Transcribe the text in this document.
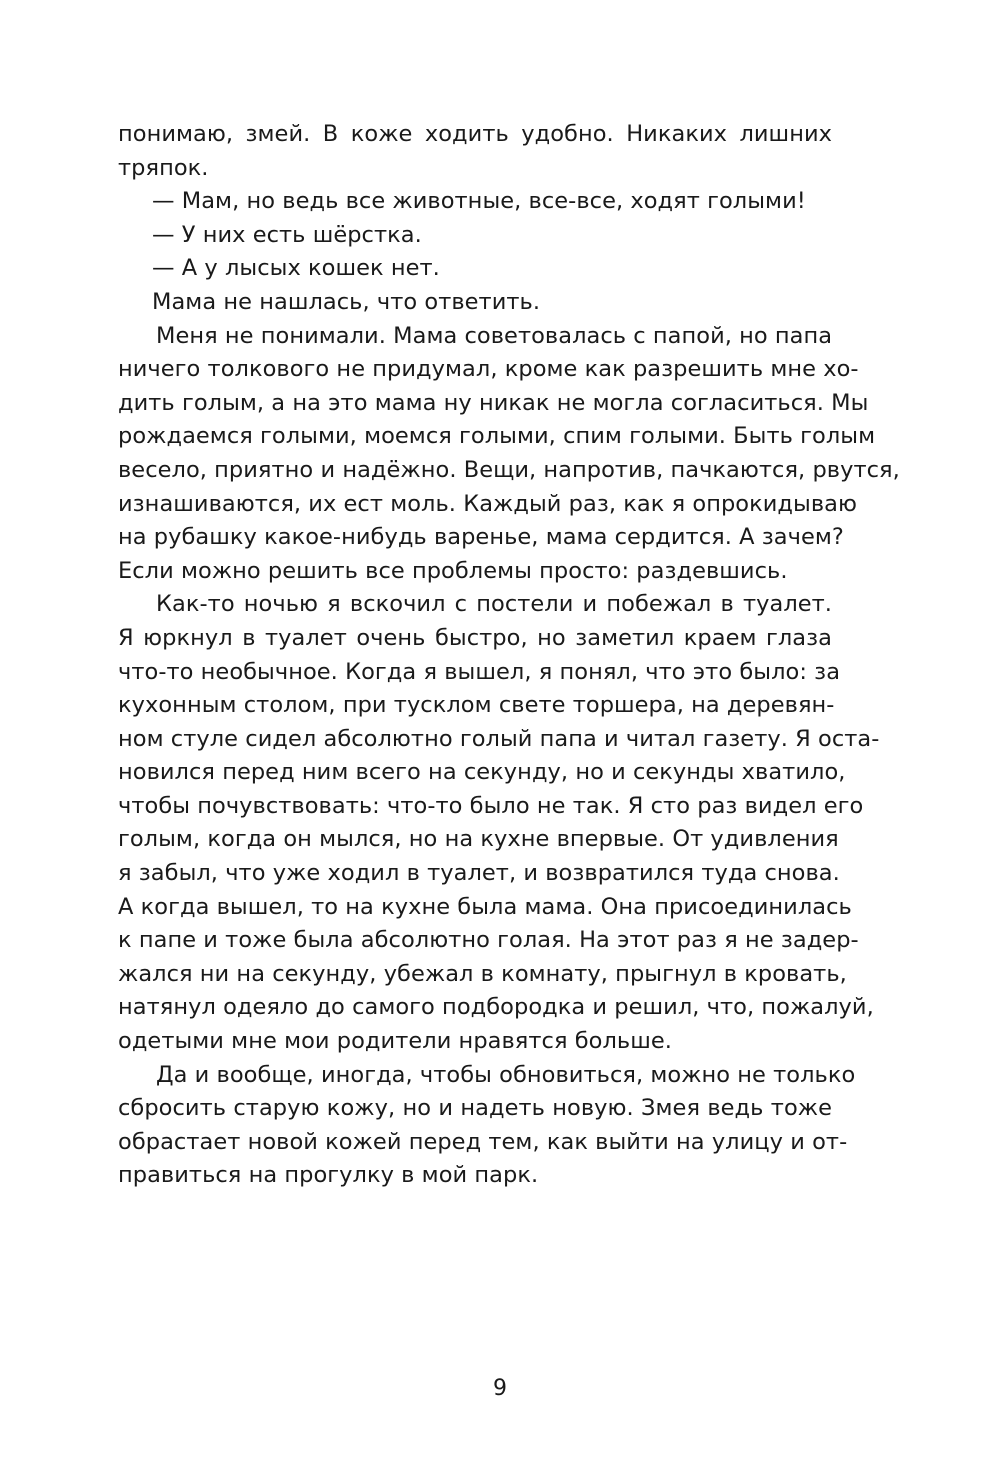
понимаю, змей. В коже ходить удобно. Никаких лишних
тряпок.
— Мам, но ведь все животные, все-все, ходят голыми!
— У них есть шёрстка.
— А у лысых кошек нет.
Мама не нашлась, что ответить.
Меня не понимали. Мама советовалась с папой, но папа
ничего толкового не придумал, кроме как разрешить мне хо-
дить голым, а на это мама ну никак не могла согласиться. Мы
рождаемся голыми, моемся голыми, спим голыми. Быть голым
весело, приятно и надёжно. Вещи, напротив, пачкаются, рвутся,
изнашиваются, их ест моль. Каждый раз, как я опрокидываю
на рубашку какое-нибудь варенье, мама сердится. А зачем?
Если можно решить все проблемы просто: раздевшись.
Как-то ночью я вскочил с постели и побежал в туалет.
Я юркнул в туалет очень быстро, но заметил краем глаза
что-то необычное. Когда я вышел, я понял, что это было: за
кухонным столом, при тусклом свете торшера, на деревян-
ном стуле сидел абсолютно голый папа и читал газету. Я оста-
новился перед ним всего на секунду, но и секунды хватило,
чтобы почувствовать: что-то было не так. Я сто раз видел его
голым, когда он мылся, но на кухне впервые. От удивления
я забыл, что уже ходил в туалет, и возвратился туда снова.
А когда вышел, то на кухне была мама. Она присоединилась
к папе и тоже была абсолютно голая. На этот раз я не задер-
жался ни на секунду, убежал в комнату, прыгнул в кровать,
натянул одеяло до самого подбородка и решил, что, пожалуй,
одетыми мне мои родители нравятся больше.
Да и вообще, иногда, чтобы обновиться, можно не только
сбросить старую кожу, но и надеть новую. Змея ведь тоже
обрастает новой кожей перед тем, как выйти на улицу и от-
правиться на прогулку в мой парк.
9
